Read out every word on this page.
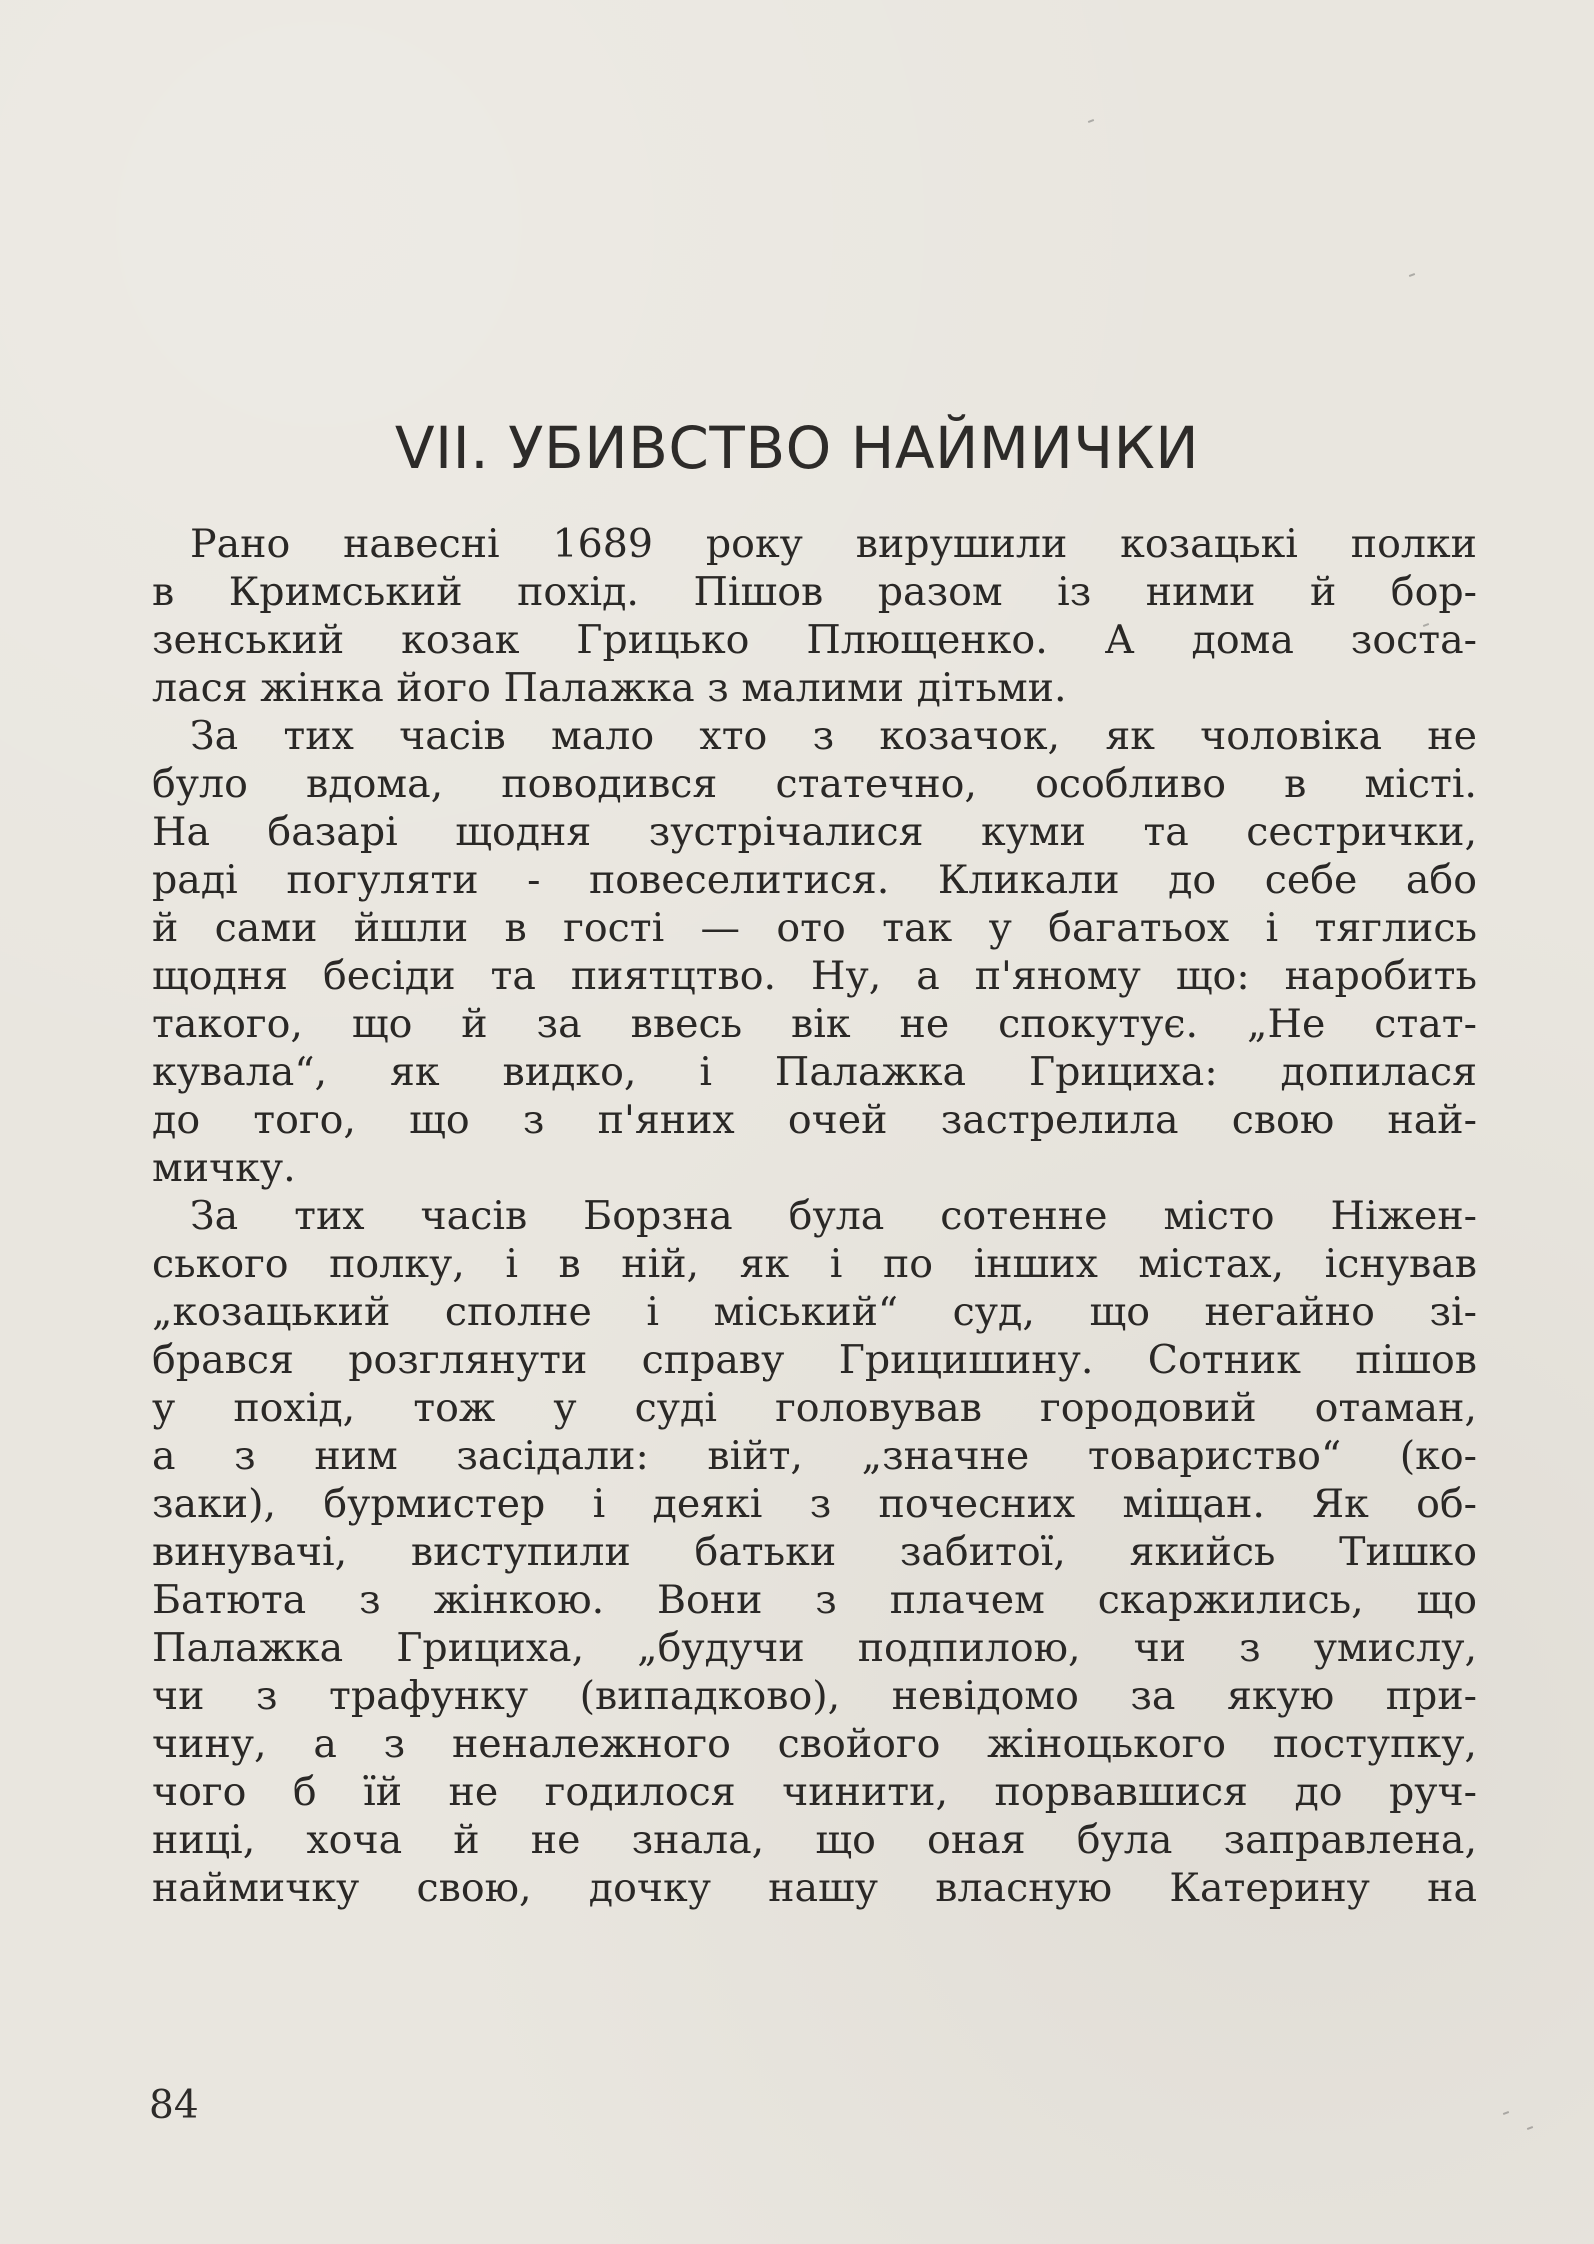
VII. УБИВСТВО НАЙМИЧКИ
Рано навесні 1689 року вирушили козацькі полки
в Кримський похід. Пішов разом із ними й бор-
зенський козак Грицько Плющенко. А дома зоста-
лася жінка його Палажка з малими дітьми.
За тих часів мало хто з козачок, як чоловіка не
було вдома, поводився статечно, особливо в місті.
На базарі щодня зустрічалися куми та сестрички,
раді погуляти - повеселитися. Кликали до себе або
й сами йшли в гості — ото так у багатьох і тяглись
щодня бесіди та пиятцтво. Ну, а п'яному що: наробить
такого, що й за ввесь вік не спокутує. „Не стат-
кувала“, як видко, і Палажка Грициха: допилася
до того, що з п'яних очей застрелила свою най-
мичку.
За тих часів Борзна була сотенне місто Ніжен-
ського полку, і в ній, як і по інших містах, існував
„козацький сполне і міський“ суд, що негайно зі-
брався розглянути справу Грицишину. Сотник пішов
у похід, тож у суді головував городовий отаман,
а з ним засідали: війт, „значне товариство“ (ко-
заки), бурмистер і деякі з почесних міщан. Як об-
винувачі, виступили батьки забитої, якийсь Тишко
Батюта з жінкою. Вони з плачем скаржились, що
Палажка Грициха, „будучи подпилою, чи з умислу,
чи з трафунку (випадково), невідомо за якую при-
чину, а з неналежного свойого жіноцького поступку,
чого б їй не годилося чинити, порвавшися до руч-
ниці, хоча й не знала, що оная була заправлена,
наймичку свою, дочку нашу власную Катерину на
84
